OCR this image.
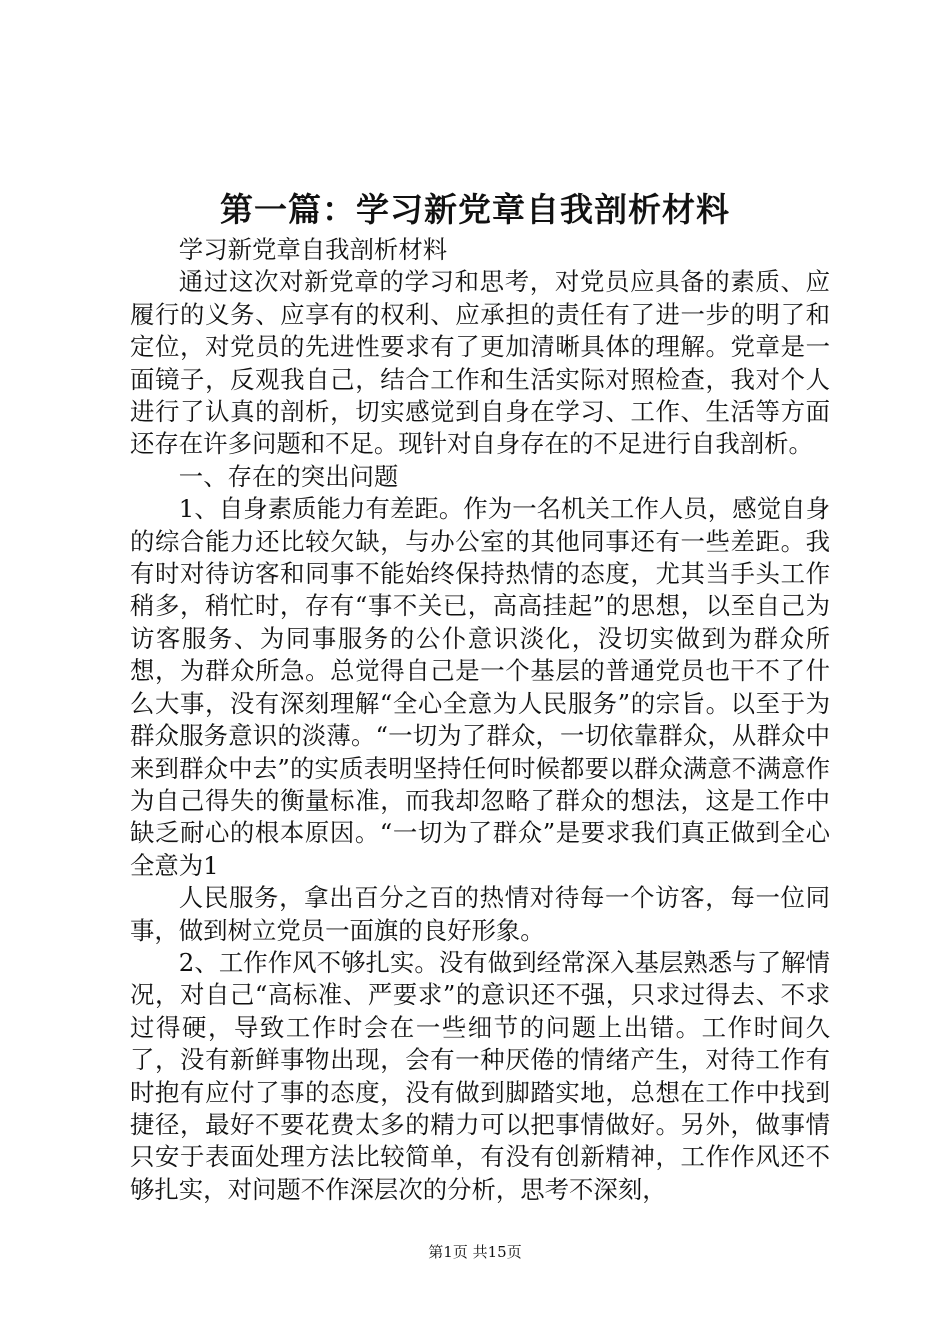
第一篇：学习新党章自我剖析材料

学习新党章自我剖析材料

通过这次对新党章的学习和思考，对党员应具备的素质、应履行的义务、应享有的权利、应承担的责任有了进一步的明了和定位，对党员的先进性要求有了更加清晰具体的理解。党章是一面镜子，反观我自己，结合工作和生活实际对照检查，我对个人进行了认真的剖析，切实感觉到自身在学习、工作、生活等方面还存在许多问题和不足。现针对自身存在的不足进行自我剖析。

一、存在的突出问题

1、自身素质能力有差距。作为一名机关工作人员，感觉自身的综合能力还比较欠缺，与办公室的其他同事还有一些差距。我有时对待访客和同事不能始终保持热情的态度，尤其当手头工作稍多，稍忙时，存有“事不关已，高高挂起”的思想，以至自己为访客服务、为同事服务的公仆意识淡化，没切实做到为群众所想，为群众所急。总觉得自己是一个基层的普通党员也干不了什么大事，没有深刻理解“全心全意为人民服务”的宗旨。以至于为群众服务意识的淡薄。“一切为了群众，一切依靠群众，从群众中来到群众中去”的实质表明坚持任何时候都要以群众满意不满意作为自己得失的衡量标准，而我却忽略了群众的想法，这是工作中缺乏耐心的根本原因。“一切为了群众”是要求我们真正做到全心全意为1

人民服务，拿出百分之百的热情对待每一个访客，每一位同事，做到树立党员一面旗的良好形象。

2、工作作风不够扎实。没有做到经常深入基层熟悉与了解情况，对自己“高标准、严要求”的意识还不强，只求过得去、不求过得硬，导致工作时会在一些细节的问题上出错。工作时间久了，没有新鲜事物出现，会有一种厌倦的情绪产生，对待工作有时抱有应付了事的态度，没有做到脚踏实地，总想在工作中找到捷径，最好不要花费太多的精力可以把事情做好。另外，做事情只安于表面处理方法比较简单，有没有创新精神，工作作风还不够扎实，对问题不作深层次的分析，思考不深刻，

第1页 共15页
